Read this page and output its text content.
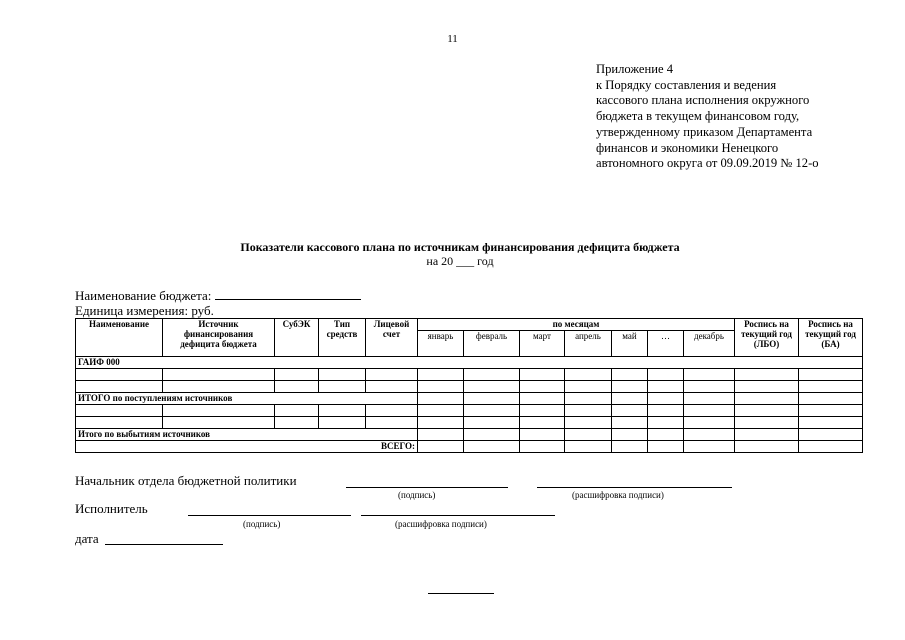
11
Приложение 4
к Порядку составления и ведения
кассового плана исполнения окружного
бюджета в текущем финансовом году,
утвержденному приказом Департамента
финансов и экономики Ненецкого
автономного округа от 09.09.2019 № 12-о
Показатели кассового плана по источникам финансирования дефицита бюджета
на 20 ___ год
Наименование бюджета:
Единица измерения: руб.
Наименование	Источник финансирования дефицита бюджета	СубЭК	Тип средств	Лицевой счет	по месяцам							Роспись на текущий год (ЛБО)	Роспись на текущий год (БА)
					январь	февраль	март	апрель	май	…	декабрь		
ГАИФ 000													

ИТОГО по поступлениям источников													

Итого по выбытиям источников													
ВСЕГО:													
Начальник отдела бюджетной политики
(подпись)	(расшифровка подписи)
Исполнитель
(подпись)	(расшифровка подписи)
дата
